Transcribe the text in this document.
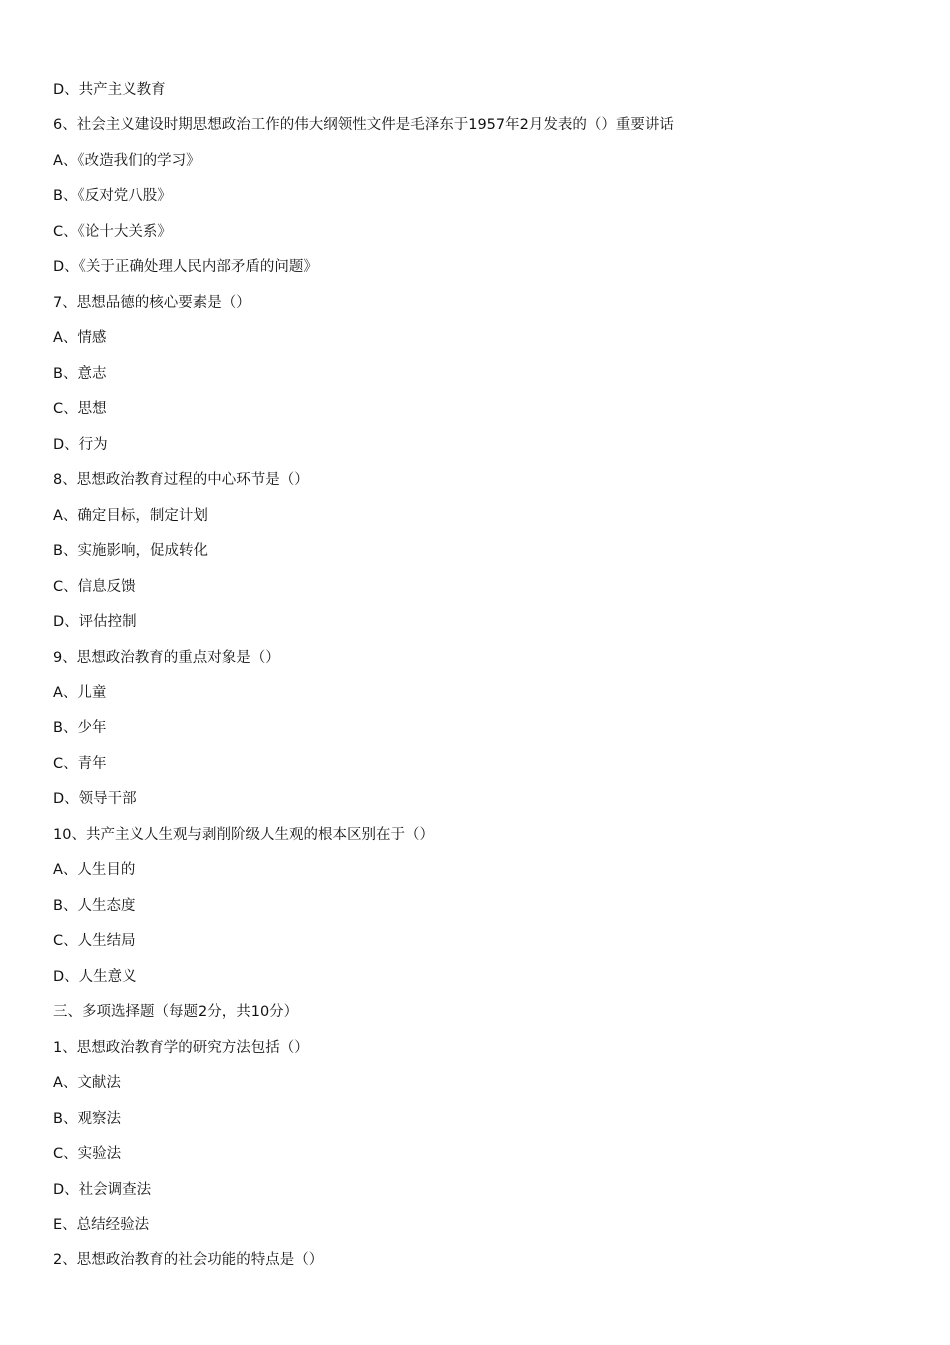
D、共产主义教育
6、社会主义建设时期思想政治工作的伟大纲领性文件是毛泽东于1957年2月发表的（）重要讲话
A、《改造我们的学习》
B、《反对党八股》
C、《论十大关系》
D、《关于正确处理人民内部矛盾的问题》
7、思想品德的核心要素是（）
A、情感
B、意志
C、思想
D、行为
8、思想政治教育过程的中心环节是（）
A、确定目标，制定计划
B、实施影响，促成转化
C、信息反馈
D、评估控制
9、思想政治教育的重点对象是（）
A、儿童
B、少年
C、青年
D、领导干部
10、共产主义人生观与剥削阶级人生观的根本区别在于（）
A、人生目的
B、人生态度
C、人生结局
D、人生意义
三、多项选择题（每题2分，共10分）
1、思想政治教育学的研究方法包括（）
A、文献法
B、观察法
C、实验法
D、社会调查法
E、总结经验法
2、思想政治教育的社会功能的特点是（）
